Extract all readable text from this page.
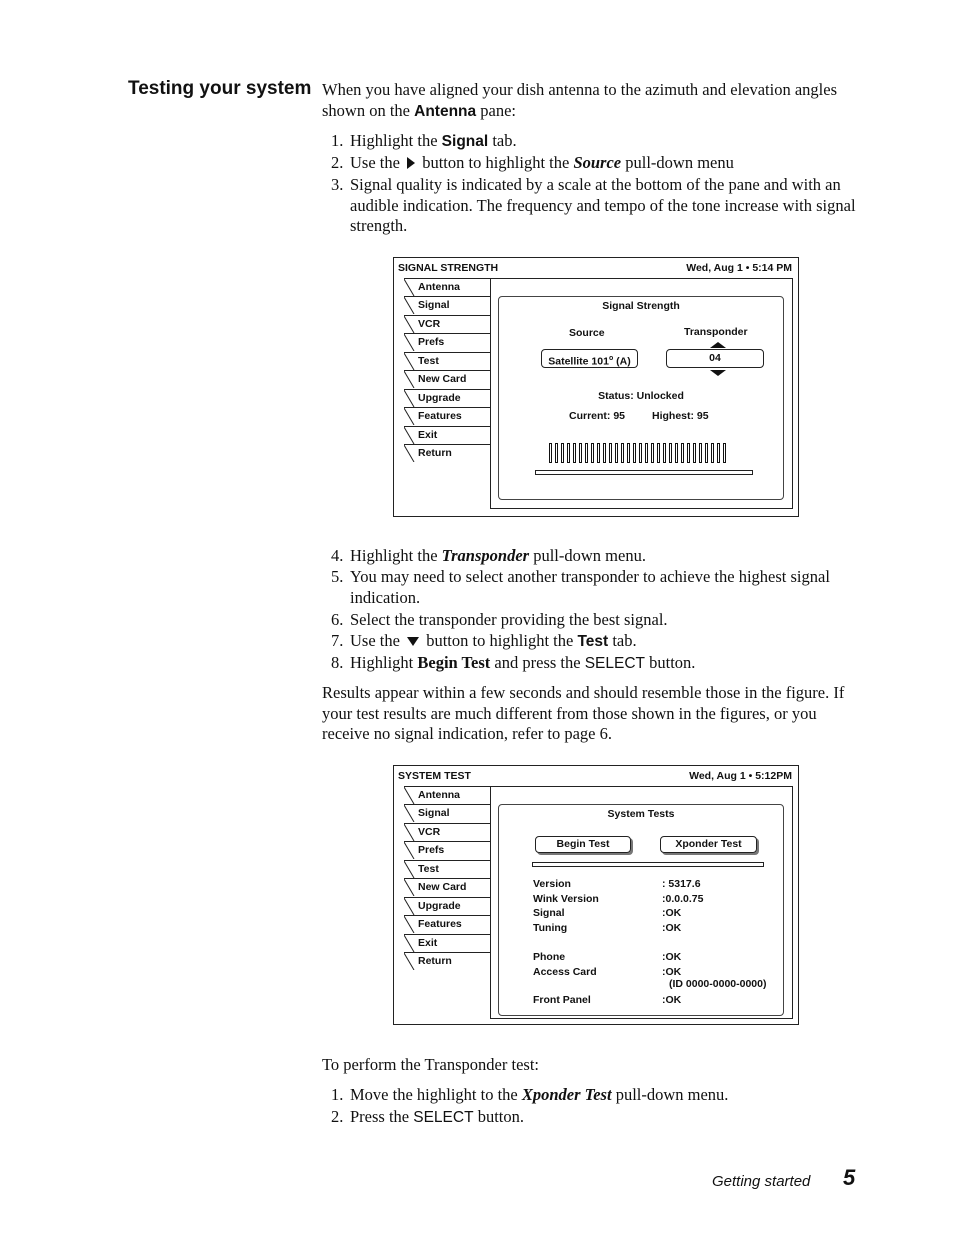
Testing your system When you have aligned your dish antenna to the azimuth and elevation angles shown on the Antenna pane:
1. Highlight the Signal tab.
2. Use the  button to highlight the Source pull-down menu
3. Signal quality is indicated by a scale at the bottom of the pane and with an audible indication. The frequency and tempo of the tone increase with signal strength.
SIGNAL STRENGTH	Wed, Aug 1 • 5:14 PM
Antenna
Signal
VCR
Prefs
Test
New Card
Upgrade
Features
Exit
Return
Signal Strength
Source	Transponder
Satellite 101$^o$ (A)	04
Status: Unlocked
Current: 95	Highest: 95
4. Highlight the Transponder pull-down menu.
5. You may need to select another transponder to achieve the highest signal indication.
6. Select the transponder providing the best signal.
7. Use the  button to highlight the Test tab.
8. Highlight Begin Test and press the SELECT button.
Results appear within a few seconds and should resemble those in the figure. If your test results are much different from those shown in the figures, or you receive no signal indication, refer to page 6.
SYSTEM TEST	Wed, Aug 1 • 5:12PM
Antenna
Signal
VCR
Prefs
Test
New Card
Upgrade
Features
Exit
Return
System Tests
Begin Test	Xponder Test
Version	: 5317.6
Wink Version	:0.0.0.75
Signal	:OK
Tuning	:OK
Phone	:OK
Access Card	:OK
(ID 0000-0000-0000)
Front Panel	:OK
To perform the Transponder test:
1. Move the highlight to the Xponder Test pull-down menu.
2. Press the SELECT button.
Getting started 5
